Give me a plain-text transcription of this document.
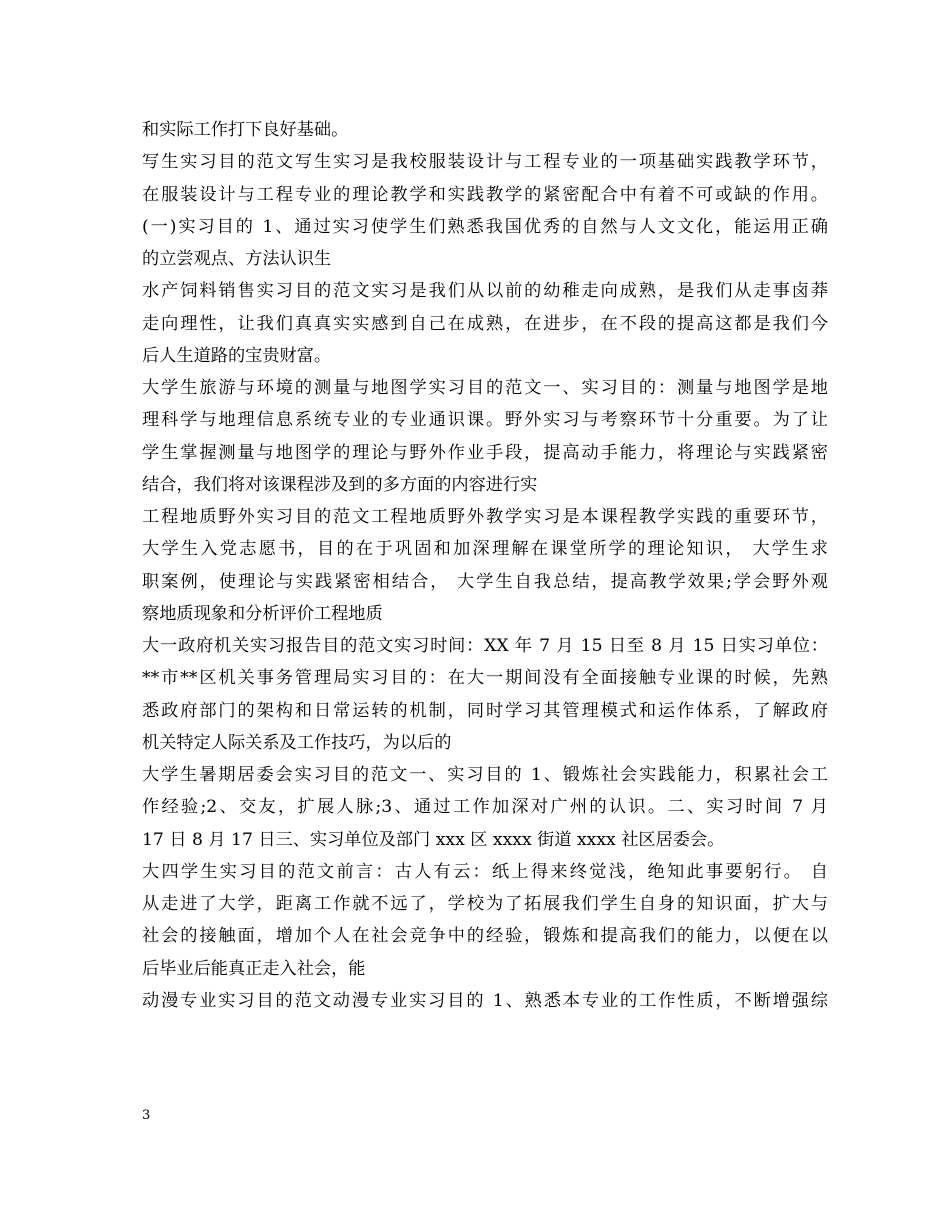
和实际工作打下良好基础。
写生实习目的范文写生实习是我校服装设计与工程专业的一项基础实践教学环节，
在服装设计与工程专业的理论教学和实践教学的紧密配合中有着不可或缺的作用。
(一)实习目的 1、通过实习使学生们熟悉我国优秀的自然与人文文化，能运用正确
的立尝观点、方法认识生
水产饲料销售实习目的范文实习是我们从以前的幼稚走向成熟，是我们从走事卤莽
走向理性，让我们真真实实感到自己在成熟，在进步，在不段的提高这都是我们今
后人生道路的宝贵财富。
大学生旅游与环境的测量与地图学实习目的范文一、实习目的：测量与地图学是地
理科学与地理信息系统专业的专业通识课。野外实习与考察环节十分重要。为了让
学生掌握测量与地图学的理论与野外作业手段，提高动手能力，将理论与实践紧密
结合，我们将对该课程涉及到的多方面的内容进行实
工程地质野外实习目的范文工程地质野外教学实习是本课程教学实践的重要环节，
大学生入党志愿书，目的在于巩固和加深理解在课堂所学的理论知识， 大学生求
职案例，使理论与实践紧密相结合， 大学生自我总结，提高教学效果;学会野外观
察地质现象和分析评价工程地质
大一政府机关实习报告目的范文实习时间：XX 年 7 月 15 日至 8 月 15 日实习单位：
**市**区机关事务管理局实习目的：在大一期间没有全面接触专业课的时候，先熟
悉政府部门的架构和日常运转的机制，同时学习其管理模式和运作体系，了解政府
机关特定人际关系及工作技巧，为以后的
大学生暑期居委会实习目的范文一、实习目的 1、锻炼社会实践能力，积累社会工
作经验;2、交友，扩展人脉;3、通过工作加深对广州的认识。二、实习时间 7 月
17 日 8 月 17 日三、实习单位及部门 xxx 区 xxxx 街道 xxxx 社区居委会。
大四学生实习目的范文前言：古人有云：纸上得来终觉浅，绝知此事要躬行。 自
从走进了大学，距离工作就不远了，学校为了拓展我们学生自身的知识面，扩大与
社会的接触面，增加个人在社会竞争中的经验，锻炼和提高我们的能力，以便在以
后毕业后能真正走入社会，能
动漫专业实习目的范文动漫专业实习目的 1、熟悉本专业的工作性质，不断增强综
3
